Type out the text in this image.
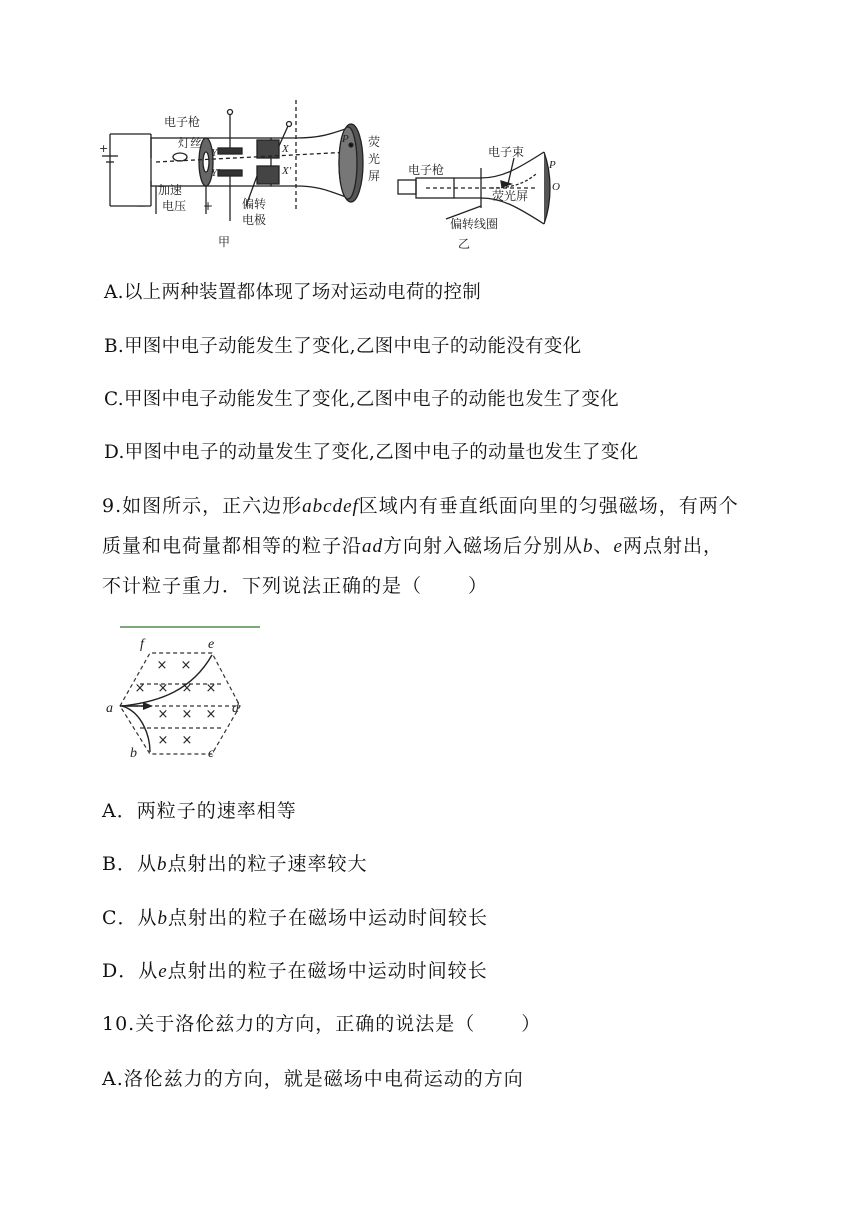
电子枪
灯丝
加速
电压	偏转
电极
荧
光
屏
甲
Y
Y′
X
X′
P
+
−	+
电子枪
电子束
荧光屏
偏转线圈
乙
P
O
A.以上两种装置都体现了场对运动电荷的控制
B.甲图中电子动能发生了变化,乙图中电子的动能没有变化
C.甲图中电子动能发生了变化,乙图中电子的动能也发生了变化
D.甲图中电子的动量发生了变化,乙图中电子的动量也发生了变化
9.如图所示，正六边形abcdef区域内有垂直纸面向里的匀强磁场，有两个
质量和电荷量都相等的粒子沿ad方向射入磁场后分别从b、e两点射出，
不计粒子重力．下列说法正确的是（ ）
× ×
× × × ×
× × ×
× ×
f	e
a	d
b	c
A．两粒子的速率相等
B．从b点射出的粒子速率较大
C．从b点射出的粒子在磁场中运动时间较长
D．从e点射出的粒子在磁场中运动时间较长
10.关于洛伦兹力的方向，正确的说法是（ ）
A.洛伦兹力的方向，就是磁场中电荷运动的方向
